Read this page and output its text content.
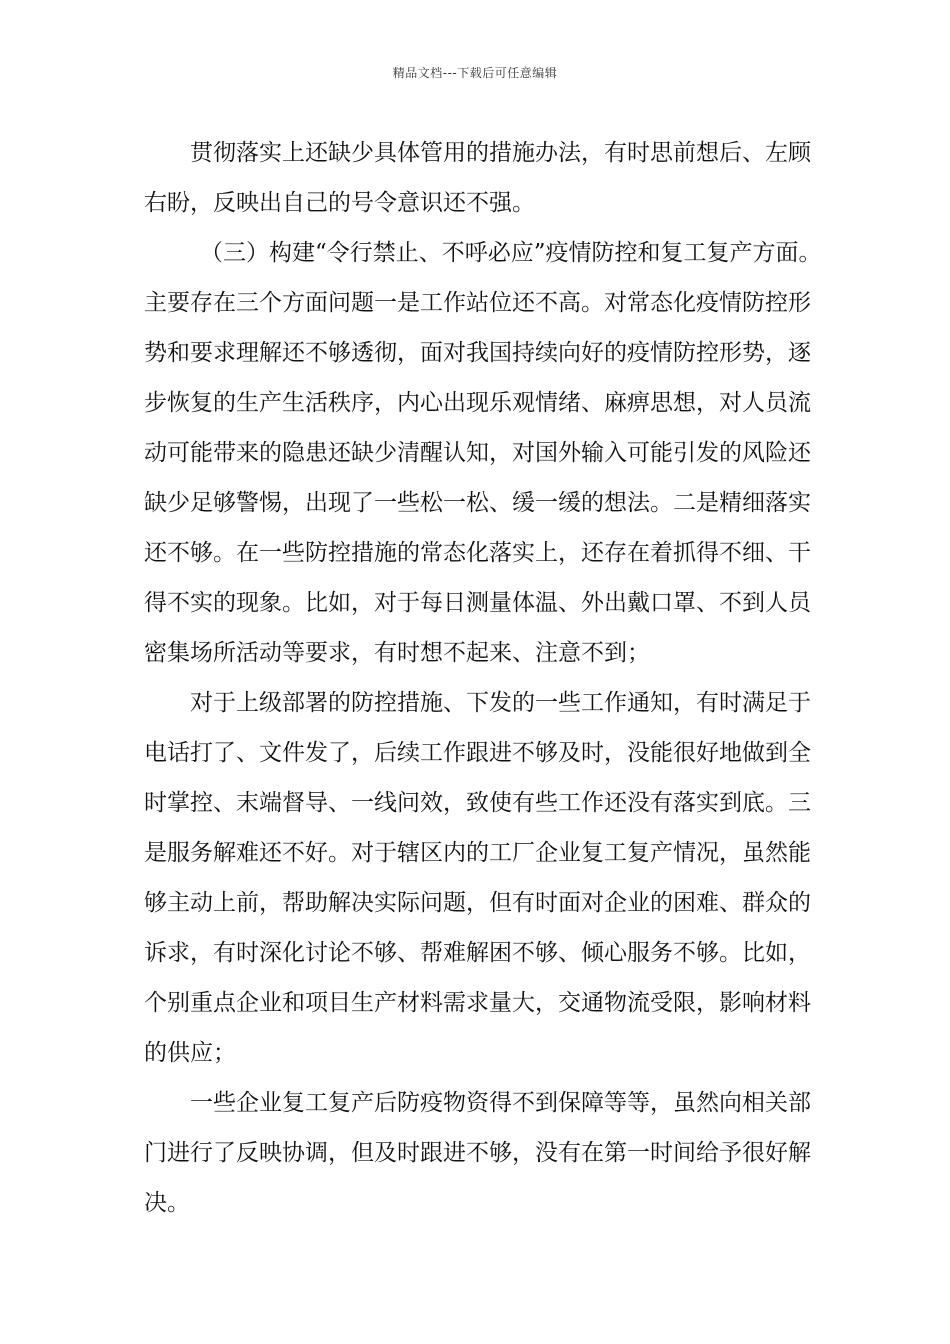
精品文档---下载后可任意编辑
贯彻落实上还缺少具体管用的措施办法，有时思前想后、左顾
右盼，反映出自己的号令意识还不强。
（三）构建“令行禁止、不呼必应”疫情防控和复工复产方面。
主要存在三个方面问题一是工作站位还不高。对常态化疫情防控形
势和要求理解还不够透彻，面对我国持续向好的疫情防控形势，逐
步恢复的生产生活秩序，内心出现乐观情绪、麻痹思想，对人员流
动可能带来的隐患还缺少清醒认知，对国外输入可能引发的风险还
缺少足够警惕，出现了一些松一松、缓一缓的想法。二是精细落实
还不够。在一些防控措施的常态化落实上，还存在着抓得不细、干
得不实的现象。比如，对于每日测量体温、外出戴口罩、不到人员
密集场所活动等要求，有时想不起来、注意不到；
对于上级部署的防控措施、下发的一些工作通知，有时满足于
电话打了、文件发了，后续工作跟进不够及时，没能很好地做到全
时掌控、末端督导、一线问效，致使有些工作还没有落实到底。三
是服务解难还不好。对于辖区内的工厂企业复工复产情况，虽然能
够主动上前，帮助解决实际问题，但有时面对企业的困难、群众的
诉求，有时深化讨论不够、帮难解困不够、倾心服务不够。比如，
个别重点企业和项目生产材料需求量大，交通物流受限，影响材料
的供应；
一些企业复工复产后防疫物资得不到保障等等，虽然向相关部
门进行了反映协调，但及时跟进不够，没有在第一时间给予很好解
决。
